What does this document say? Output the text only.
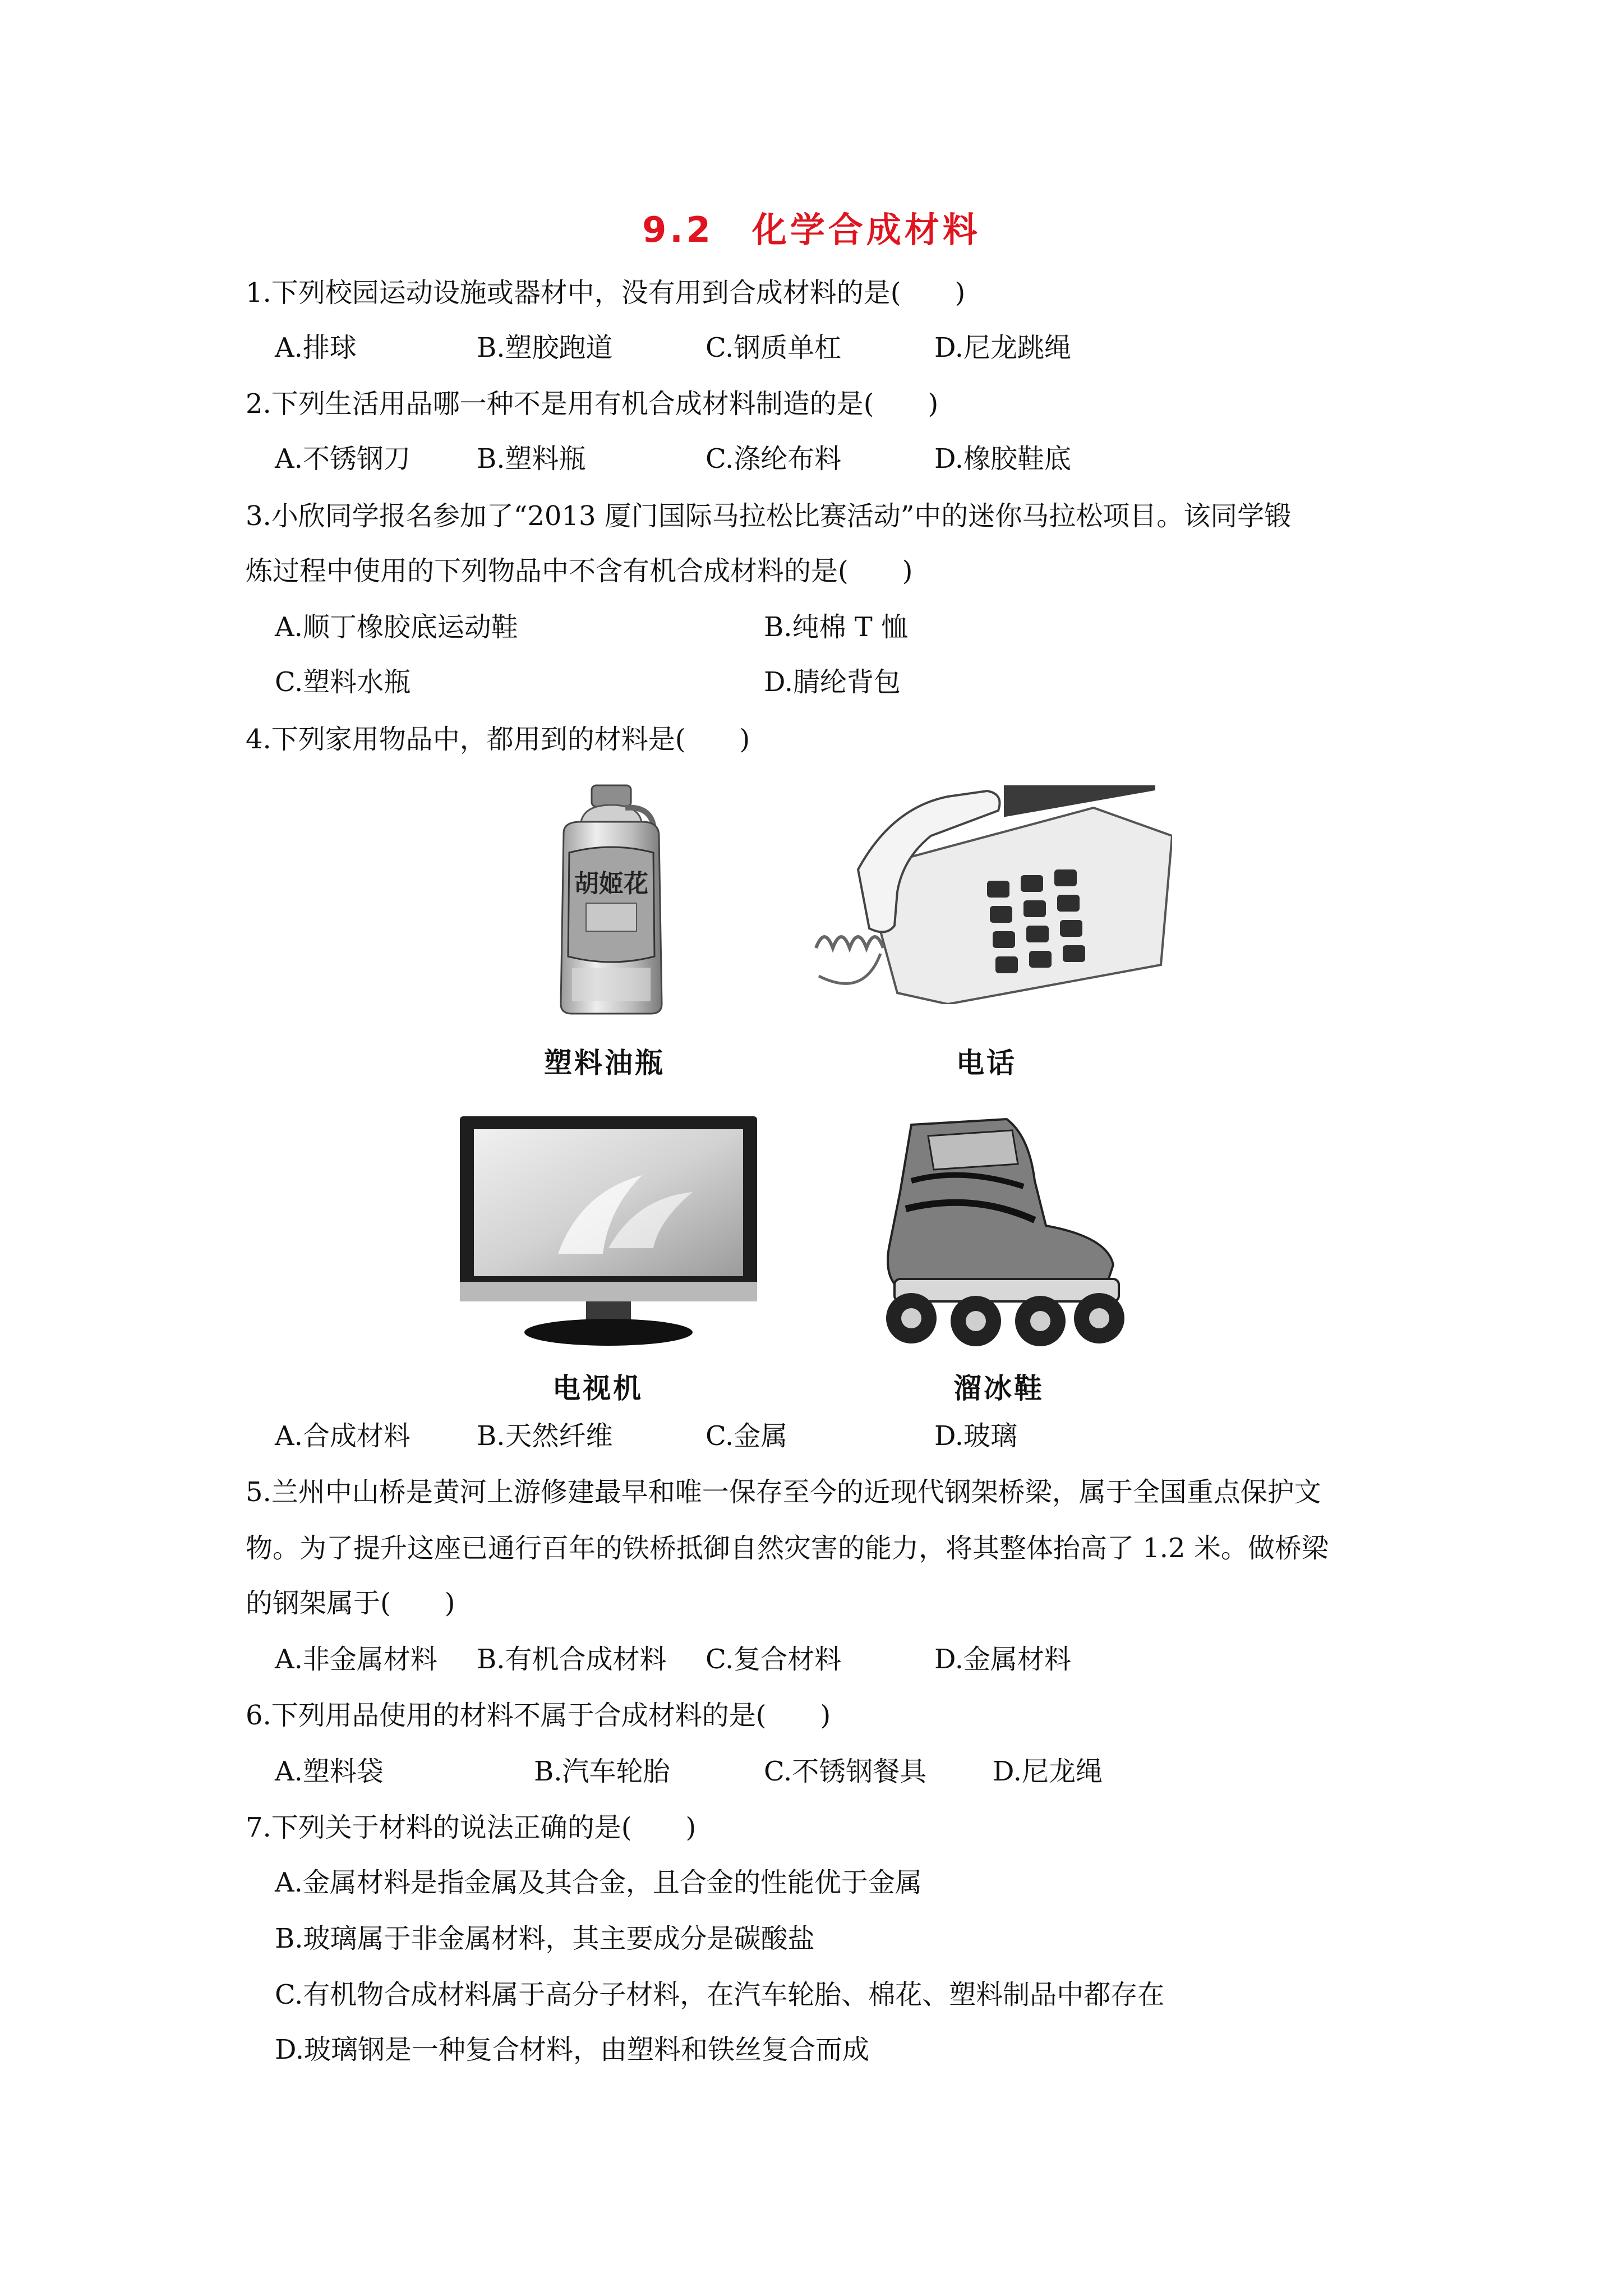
9.2　化学合成材料
1.下列校园运动设施或器材中，没有用到合成材料的是(　　)
A.排球	B.塑胶跑道	C.钢质单杠	D.尼龙跳绳
2.下列生活用品哪一种不是用有机合成材料制造的是(　　)
A.不锈钢刀 B.塑料瓶	C.涤纶布料	D.橡胶鞋底
3.小欣同学报名参加了“2013 厦门国际马拉松比赛活动”中的迷你马拉松项目。该同学锻
炼过程中使用的下列物品中不含有机合成材料的是(　　)
A.顺丁橡胶底运动鞋	B.纯棉 T 恤
C.塑料水瓶	D.腈纶背包
4.下列家用物品中，都用到的材料是(　　)
胡姬花
塑料油瓶	电话
电视机	溜冰鞋
A.合成材料 B.天然纤维	C.金属	D.玻璃
5.兰州中山桥是黄河上游修建最早和唯一保存至今的近现代钢架桥梁，属于全国重点保护文
物。为了提升这座已通行百年的铁桥抵御自然灾害的能力，将其整体抬高了 1.2 米。做桥梁
的钢架属于(　　)
A.非金属材料 B.有机合成材料 C.复合材料	D.金属材料
6.下列用品使用的材料不属于合成材料的是(　　)
A.塑料袋	B.汽车轮胎	C.不锈钢餐具 D.尼龙绳
7.下列关于材料的说法正确的是(　　)
A.金属材料是指金属及其合金，且合金的性能优于金属
B.玻璃属于非金属材料，其主要成分是碳酸盐
C.有机物合成材料属于高分子材料，在汽车轮胎、棉花、塑料制品中都存在
D.玻璃钢是一种复合材料，由塑料和铁丝复合而成
